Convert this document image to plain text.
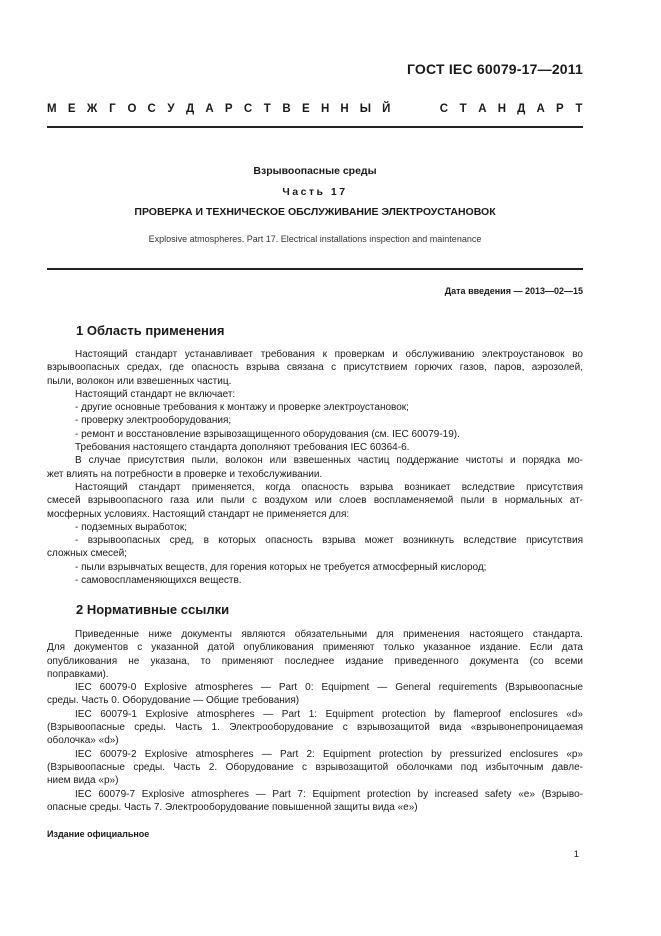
ГОСТ IEC 60079-17—2011
М Е Ж Г О С У Д А Р С Т В Е Н Н Ы Й	С Т А Н Д А Р Т
Взрывоопасные среды
Часть 17
ПРОВЕРКА И ТЕХНИЧЕСКОЕ ОБСЛУЖИВАНИЕ ЭЛЕКТРОУСТАНОВОК
Explosive atmospheres. Part 17. Electrical installations inspection and maintenance
Дата введения — 2013—02—15
1 Область применения

Настоящий стандарт устанавливает требования к проверкам и обслуживанию электроустановок во

взрывоопасных средах, где опасность взрыва связана с присутствием горючих газов, паров, аэрозолей,

пыли, волокон или взвешенных частиц.

Настоящий стандарт не включает:

- другие основные требования к монтажу и проверке электроустановок;

- проверку электрооборудования;

- ремонт и восстановление взрывозащищенного оборудования (см. IEC 60079-19).

Требования настоящего стандарта дополняют требования IEC 60364-6.

В случае присутствия пыли, волокон или взвешенных частиц поддержание чистоты и порядка мо-

жет влиять на потребности в проверке и техобслуживании.

Настоящий стандарт применяется, когда опасность взрыва возникает вследствие присутствия

смесей взрывоопасного газа или пыли с воздухом или слоев воспламеняемой пыли в нормальных ат-

мосферных условиях. Настоящий стандарт не применяется для:

- подземных выработок;

- взрывоопасных сред, в которых опасность взрыва может возникнуть вследствие присутствия

сложных смесей;

- пыли взрывчатых веществ, для горения которых не требуется атмосферный кислород;

- самовоспламеняющихся веществ.

2 Нормативные ссылки

Приведенные ниже документы являются обязательными для применения настоящего стандарта.

Для документов с указанной датой опубликования применяют только указанное издание. Если дата

опубликования не указана, то применяют последнее издание приведенного документа (со всеми

поправками).

IEC 60079-0 Explosive atmospheres — Part 0: Equipment — General requirements (Взрывоопасные

среды. Часть 0. Оборудование — Общие требования)

IEC 60079-1 Explosive atmospheres — Part 1: Equipment protection by flameproof enclosures «d»

(Взрывоопасные среды. Часть 1. Электрооборудование с взрывозащитой вида «взрывонепроницаемая

оболочка» «d»)

IEC 60079-2 Explosive atmospheres — Part 2: Equipment protection by pressurized enclosures «p»

(Взрывоопасные среды. Часть 2. Оборудование с взрывозащитой оболочками под избыточным давле-

нием вида «p»)

IEC 60079-7 Explosive atmospheres — Part 7: Equipment protection by increased safety «e» (Взрыво-

опасные среды. Часть 7. Электрооборудование повышенной защиты вида «e»)

Издание официальное
1
